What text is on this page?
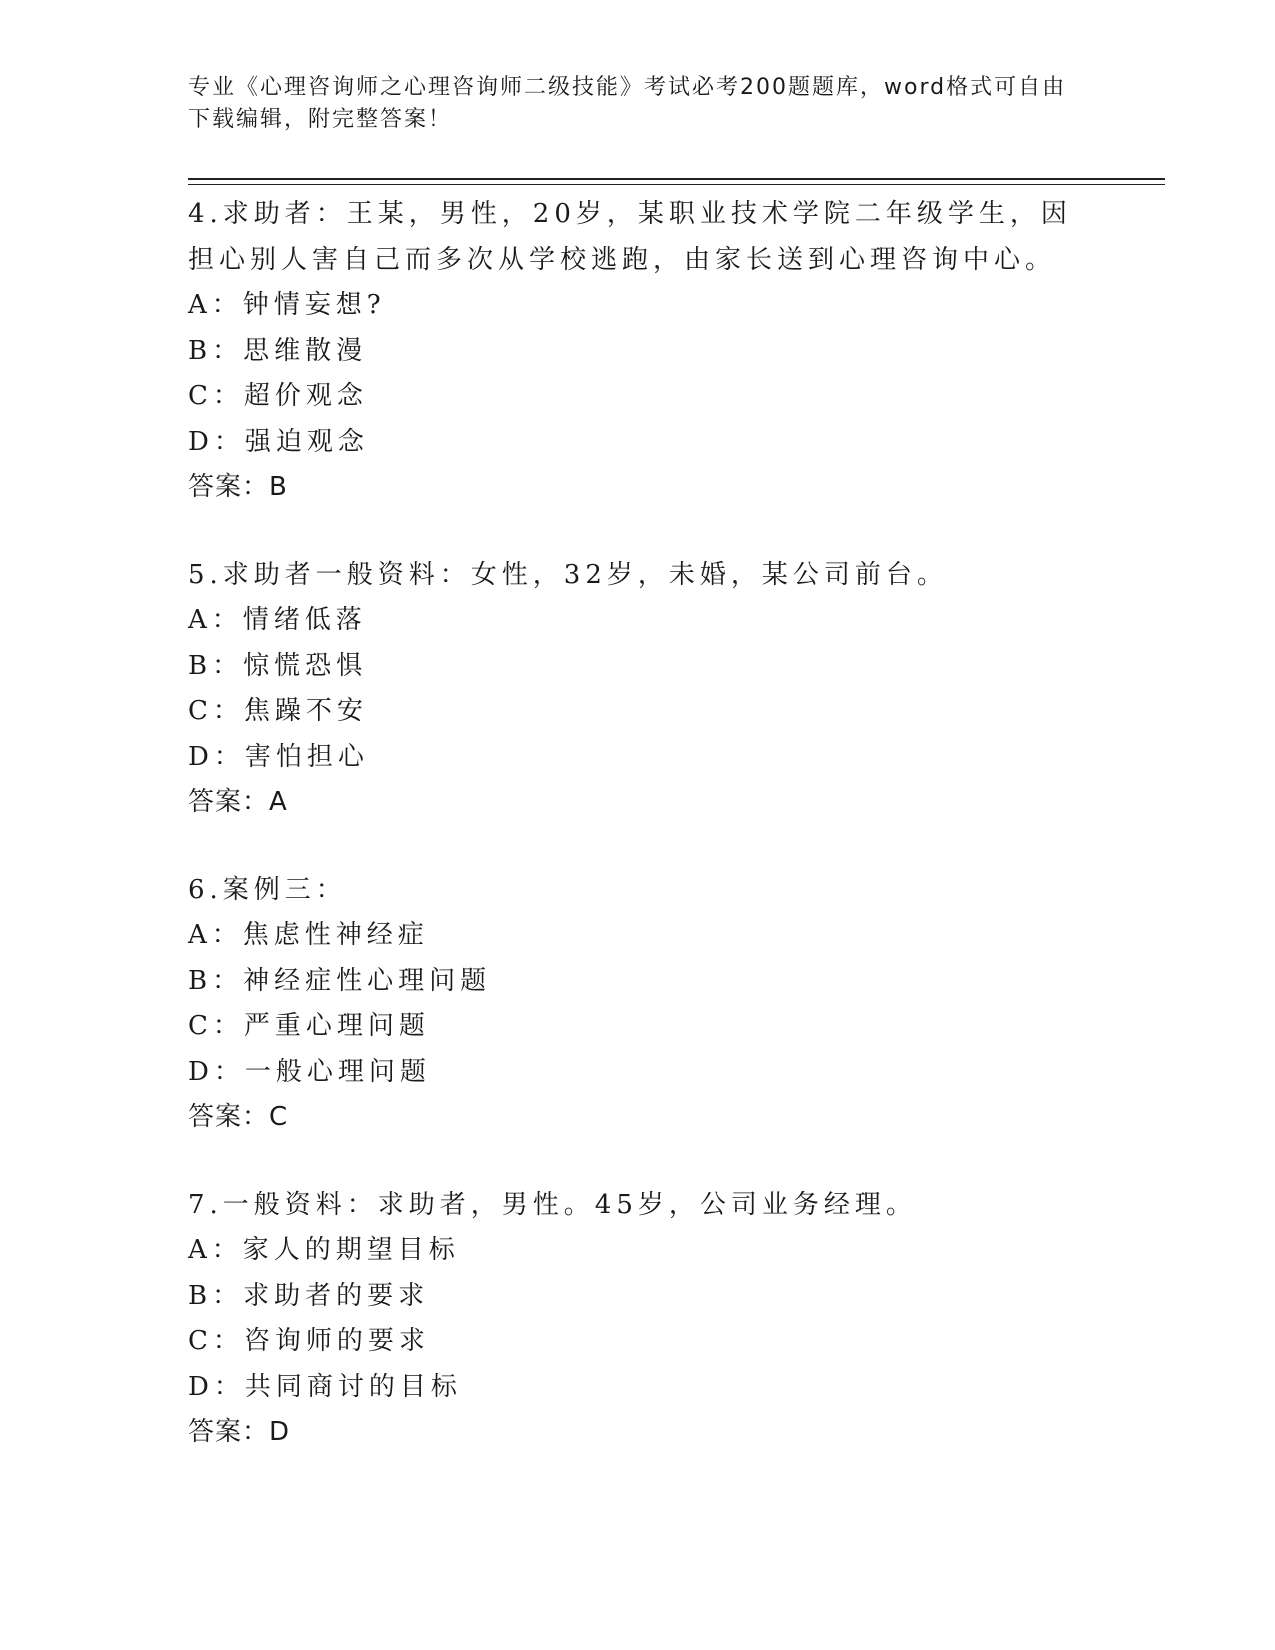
专业《心理咨询师之心理咨询师二级技能》考试必考200题题库，word格式可自由下载编辑，附完整答案！
4.求助者：王某，男性，20岁，某职业技术学院二年级学生，因担心别人害自己而多次从学校逃跑，由家长送到心理咨询中心。
A：钟情妄想?
B：思维散漫
C：超价观念
D：强迫观念
答案：B
5.求助者一般资料：女性，32岁，未婚，某公司前台。
A：情绪低落
B：惊慌恐惧
C：焦躁不安
D：害怕担心
答案：A
6.案例三：
A：焦虑性神经症
B：神经症性心理问题
C：严重心理问题
D：一般心理问题
答案：C
7.一般资料：求助者，男性。45岁，公司业务经理。
A：家人的期望目标
B：求助者的要求
C：咨询师的要求
D：共同商讨的目标
答案：D
